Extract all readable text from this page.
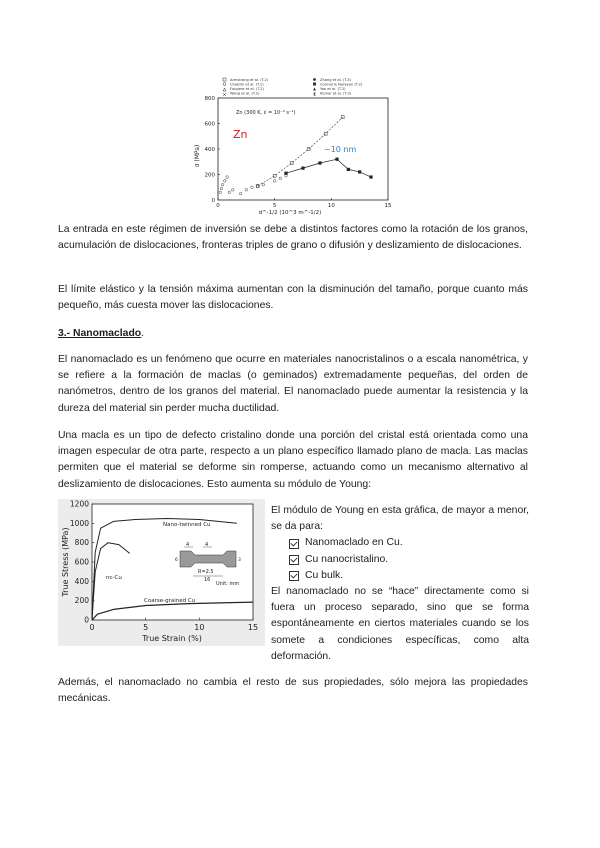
Armstrong et al. (T.2)
Chokshi et al. (T.1)
Fougere et al. (T.2)
Wang et al. (T.2)
Zhang et al. (T.3)
Conrad & Narayan (T.2)
Yoo et al. (T.2)
Kumar et al. (T.3)
0
200
400
600
800
0	5	10	15
Zn (300 K, ε̇ = 10⁻⁴ s⁻¹)
Zn
~10 nm
σ (MPa)
d^-1/2 (10^3 m^-1/2)

La entrada en este régimen de inversión se debe a distintos factores como la rotación de los granos, acumulación de dislocaciones, fronteras triples de grano o difusión y deslizamiento de dislocaciones.

El límite elástico y la tensión máxima aumentan con la disminución del tamaño, porque cuanto más pequeño, más cuesta mover las dislocaciones.

3.- Nanomaclado.

El nanomaclado es un fenómeno que ocurre en materiales nanocristalinos o a escala nanométrica, y se refiere a la formación de maclas (o geminados) extremadamente pequeñas, del orden de nanómetros, dentro de los granos del material. El nanomaclado puede aumentar la resistencia y la dureza del material sin perder mucha ductilidad.

Una macla es un tipo de defecto cristalino donde una porción del cristal está orientada como una imagen especular de otra parte, respecto a un plano específico llamado plano de macla. Las maclas permiten que el material se deforme sin romperse, actuando como un mecanismo alternativo al deslizamiento de dislocaciones. Esto aumenta su módulo de Young:

0
200
400
600
800
1000
1200
0	5	10	15
True Stress (MPa)
True Strain (%)
Nano-twinned Cu
nc-Cu
Coarse-grained Cu
4	4
6	3
R=2.5
16
Unit: mm
El módulo de Young en esta gráfica, de mayor a menor, se da para:
Nanomaclado en Cu.
Cu nanocristalino.
Cu bulk.
El nanomaclado no se “hace” directamente como si fuera un proceso separado, sino que se forma espontáneamente en ciertos materiales cuando se los somete a condiciones específicas, como alta deformación.

Además, el nanomaclado no cambia el resto de sus propiedades, sólo mejora las propiedades mecánicas.
